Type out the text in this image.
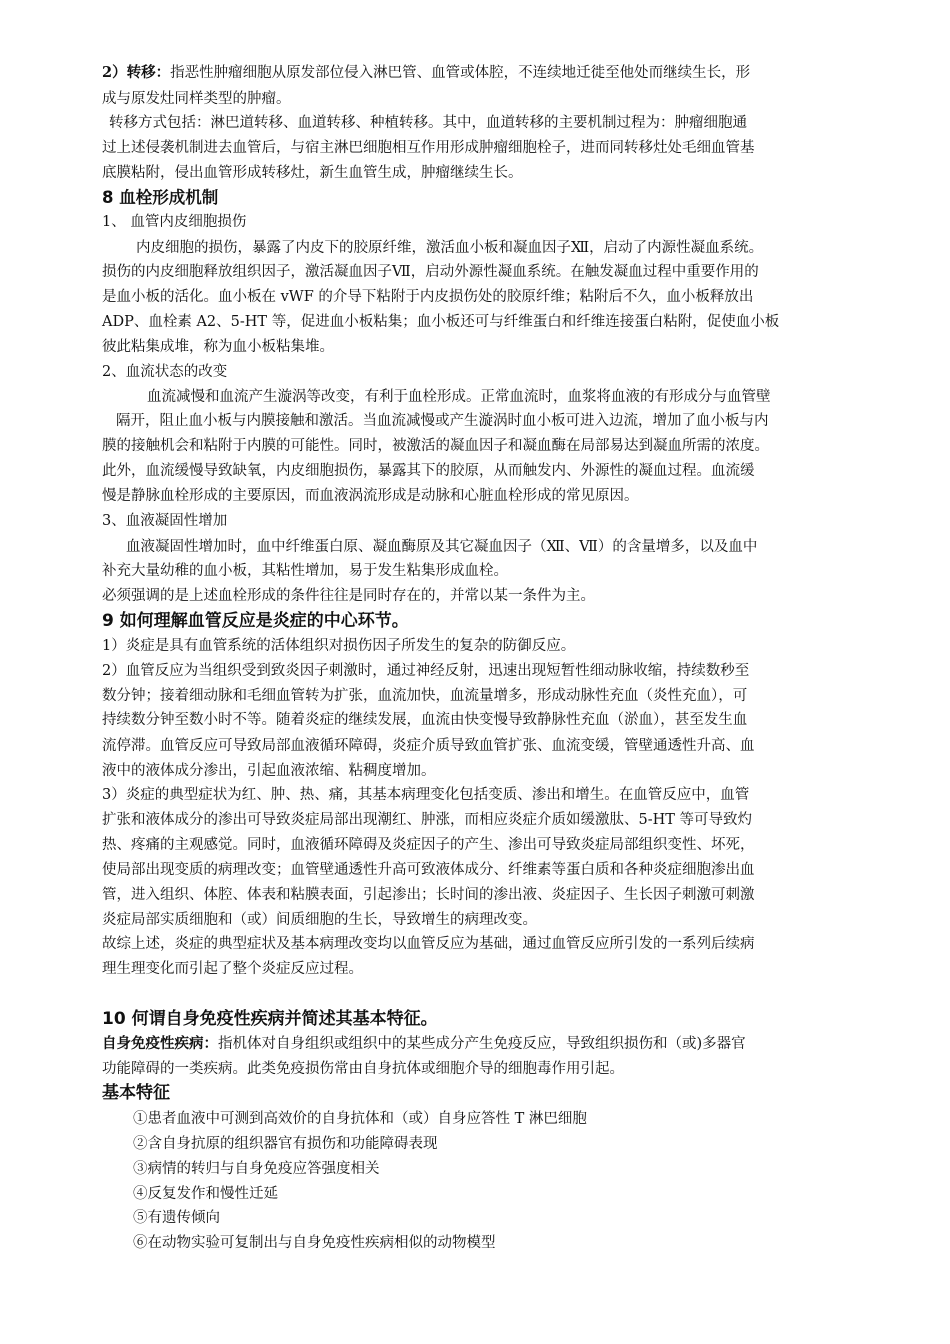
2）转移：指恶性肿瘤细胞从原发部位侵入淋巴管、血管或体腔，不连续地迁徙至他处而继续生长，形
成与原发灶同样类型的肿瘤。
转移方式包括：淋巴道转移、血道转移、种植转移。其中，血道转移的主要机制过程为：肿瘤细胞通
过上述侵袭机制进去血管后，与宿主淋巴细胞相互作用形成肿瘤细胞栓子，进而同转移灶处毛细血管基
底膜粘附，侵出血管形成转移灶，新生血管生成，肿瘤继续生长。
8 血栓形成机制
1、 血管内皮细胞损伤
内皮细胞的损伤，暴露了内皮下的胶原纤维，激活血小板和凝血因子Ⅻ，启动了内源性凝血系统。
损伤的内皮细胞释放组织因子，激活凝血因子Ⅶ，启动外源性凝血系统。在触发凝血过程中重要作用的
是血小板的活化。血小板在 vWF 的介导下粘附于内皮损伤处的胶原纤维；粘附后不久，血小板释放出
ADP、血栓素 A2、5-HT 等，促进血小板粘集；血小板还可与纤维蛋白和纤维连接蛋白粘附，促使血小板
彼此粘集成堆，称为血小板粘集堆。
2、血流状态的改变
血流减慢和血流产生漩涡等改变，有利于血栓形成。正常血流时，血浆将血液的有形成分与血管壁
隔开，阻止血小板与内膜接触和激活。当血流减慢或产生漩涡时血小板可进入边流，增加了血小板与内
膜的接触机会和粘附于内膜的可能性。同时，被激活的凝血因子和凝血酶在局部易达到凝血所需的浓度。
此外，血流缓慢导致缺氧，内皮细胞损伤，暴露其下的胶原，从而触发内、外源性的凝血过程。血流缓
慢是静脉血栓形成的主要原因，而血液涡流形成是动脉和心脏血栓形成的常见原因。
3、血液凝固性增加
血液凝固性增加时，血中纤维蛋白原、凝血酶原及其它凝血因子（Ⅻ、Ⅶ）的含量增多，以及血中
补充大量幼稚的血小板，其粘性增加，易于发生粘集形成血栓。
必须强调的是上述血栓形成的条件往往是同时存在的，并常以某一条件为主。
9 如何理解血管反应是炎症的中心环节。
1）炎症是具有血管系统的活体组织对损伤因子所发生的复杂的防御反应。
2）血管反应为当组织受到致炎因子刺激时，通过神经反射，迅速出现短暂性细动脉收缩，持续数秒至
数分钟；接着细动脉和毛细血管转为扩张，血流加快，血流量增多，形成动脉性充血（炎性充血），可
持续数分钟至数小时不等。随着炎症的继续发展，血流由快变慢导致静脉性充血（淤血），甚至发生血
流停滞。血管反应可导致局部血液循环障碍，炎症介质导致血管扩张、血流变缓，管壁通透性升高、血
液中的液体成分渗出，引起血液浓缩、粘稠度增加。
3）炎症的典型症状为红、肿、热、痛，其基本病理变化包括变质、渗出和增生。在血管反应中，血管
扩张和液体成分的渗出可导致炎症局部出现潮红、肿涨，而相应炎症介质如缓激肽、5-HT 等可导致灼
热、疼痛的主观感觉。同时，血液循环障碍及炎症因子的产生、渗出可导致炎症局部组织变性、坏死，
使局部出现变质的病理改变；血管壁通透性升高可致液体成分、纤维素等蛋白质和各种炎症细胞渗出血
管，进入组织、体腔、体表和粘膜表面，引起渗出；长时间的渗出液、炎症因子、生长因子刺激可刺激
炎症局部实质细胞和（或）间质细胞的生长，导致增生的病理改变。
故综上述，炎症的典型症状及基本病理改变均以血管反应为基础，通过血管反应所引发的一系列后续病
理生理变化而引起了整个炎症反应过程。
10 何谓自身免疫性疾病并简述其基本特征。
自身免疫性疾病：指机体对自身组织或组织中的某些成分产生免疫反应，导致组织损伤和（或)多器官
功能障碍的一类疾病。此类免疫损伤常由自身抗体或细胞介导的细胞毒作用引起。
基本特征
①患者血液中可测到高效价的自身抗体和（或）自身应答性 T 淋巴细胞
②含自身抗原的组织器官有损伤和功能障碍表现
③病情的转归与自身免疫应答强度相关
④反复发作和慢性迁延
⑤有遗传倾向
⑥在动物实验可复制出与自身免疫性疾病相似的动物模型
